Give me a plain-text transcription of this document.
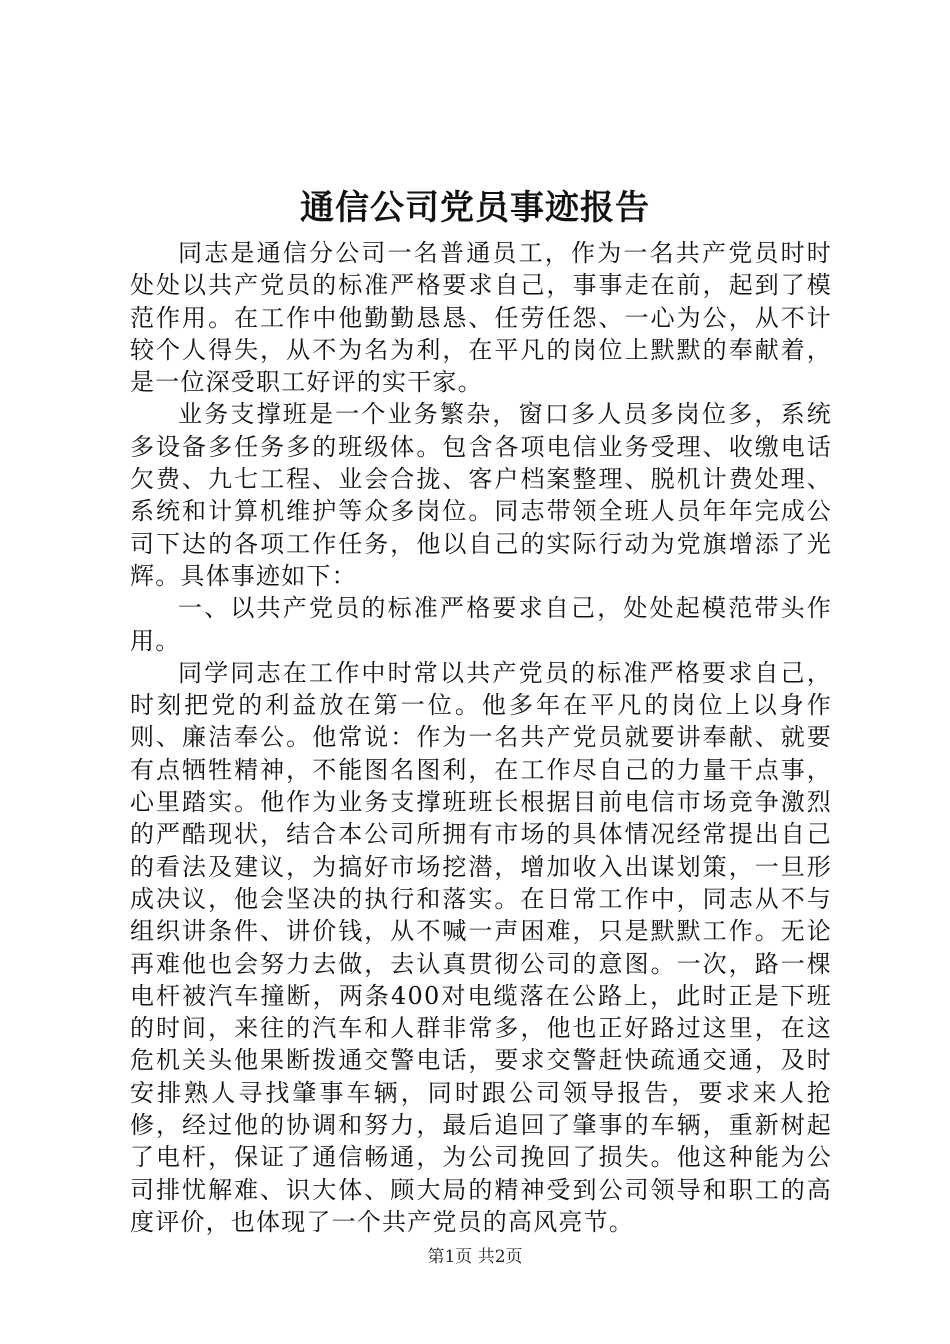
通信公司党员事迹报告

同志是通信分公司一名普通员工，作为一名共产党员时时处处以共产党员的标准严格要求自己，事事走在前，起到了模范作用。在工作中他勤勤恳恳、任劳任怨、一心为公，从不计较个人得失，从不为名为利，在平凡的岗位上默默的奉献着，是一位深受职工好评的实干家。

业务支撑班是一个业务繁杂，窗口多人员多岗位多，系统多设备多任务多的班级体。包含各项电信业务受理、收缴电话欠费、九七工程、业会合拢、客户档案整理、脱机计费处理、系统和计算机维护等众多岗位。同志带领全班人员年年完成公司下达的各项工作任务，他以自己的实际行动为党旗增添了光辉。具体事迹如下：

一、以共产党员的标准严格要求自己，处处起模范带头作用。

同学同志在工作中时常以共产党员的标准严格要求自己，时刻把党的利益放在第一位。他多年在平凡的岗位上以身作则、廉洁奉公。他常说：作为一名共产党员就要讲奉献、就要有点牺牲精神，不能图名图利，在工作尽自己的力量干点事，心里踏实。他作为业务支撑班班长根据目前电信市场竞争激烈的严酷现状，结合本公司所拥有市场的具体情况经常提出自己的看法及建议，为搞好市场挖潜，增加收入出谋划策，一旦形成决议，他会坚决的执行和落实。在日常工作中，同志从不与组织讲条件、讲价钱，从不喊一声困难，只是默默工作。无论再难他也会努力去做，去认真贯彻公司的意图。一次，路一棵电杆被汽车撞断，两条400对电缆落在公路上，此时正是下班的时间，来往的汽车和人群非常多，他也正好路过这里，在这危机关头他果断拨通交警电话，要求交警赶快疏通交通，及时安排熟人寻找肇事车辆，同时跟公司领导报告，要求来人抢修，经过他的协调和努力，最后追回了肇事的车辆，重新树起了电杆，保证了通信畅通，为公司挽回了损失。他这种能为公司排忧解难、识大体、顾大局的精神受到公司领导和职工的高度评价，也体现了一个共产党员的高风亮节。

第1页 共2页
